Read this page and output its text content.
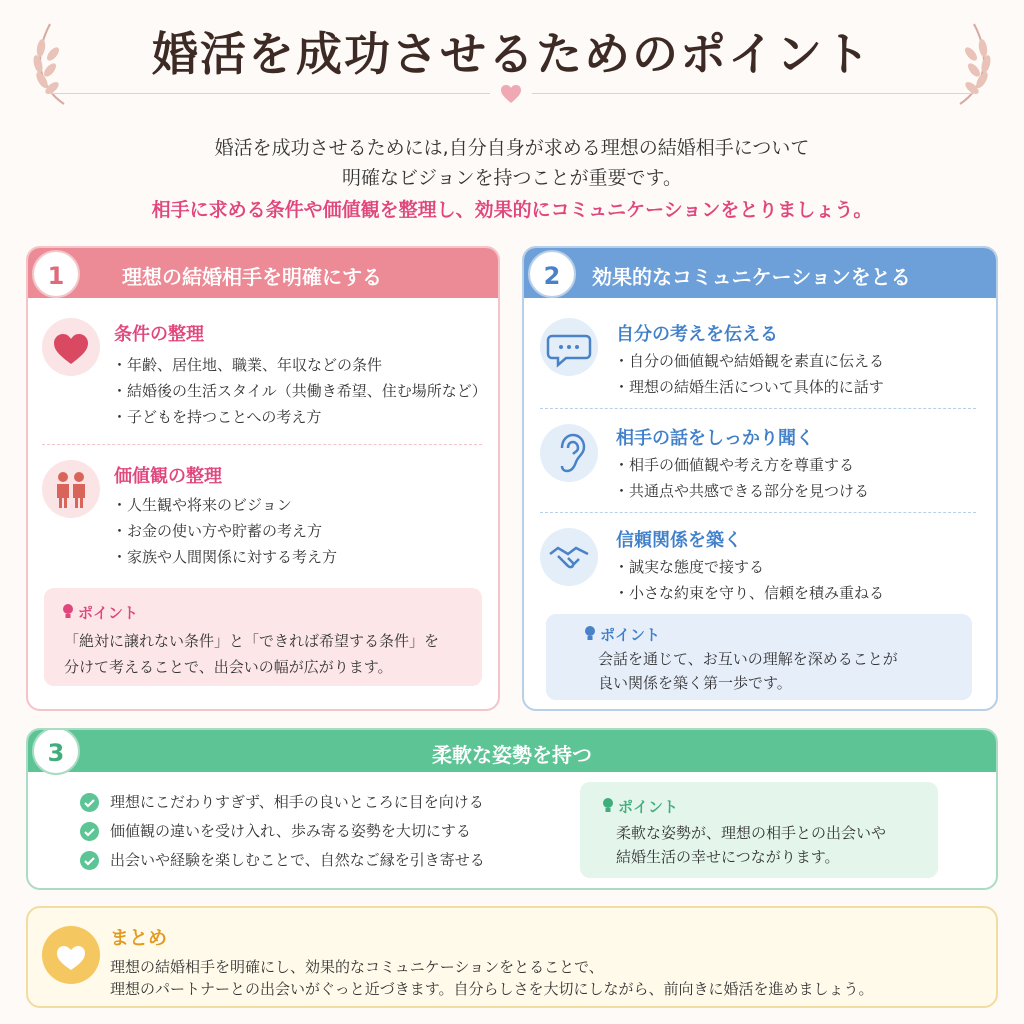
婚活を成功させるためのポイント
婚活を成功させるためには,自分自身が求める理想の結婚相手について
明確なビジョンを持つことが重要です。
相手に求める条件や価値観を整理し、効果的にコミュニケーションをとりましょう。
1	理想の結婚相手を明確にする
条件の整理
・ 年齢、居住地、職業、年収などの条件
・ 結婚後の生活スタイル（共働き希望、住む場所など）
・ 子どもを持つことへの考え方
価値観の整理
・ 人生観や将来のビジョン
・ お金の使い方や貯蓄の考え方
・ 家族や人間関係に対する考え方
ポイント
「絶対に譲れない条件」と「できれば希望する条件」を
分けて考えることで、出会いの幅が広がります。
2	効果的なコミュニケーションをとる
自分の考えを伝える
・ 自分の価値観や結婚観を素直に伝える
・ 理想の結婚生活について具体的に話す
相手の話をしっかり聞く
・ 相手の価値観や考え方を尊重する
・ 共通点や共感できる部分を見つける
信頼関係を築く
・ 誠実な態度で接する
・ 小さな約束を守り、信頼を積み重ねる
ポイント
会話を通じて、お互いの理解を深めることが
良い関係を築く第一歩です。
3	柔軟な姿勢を持つ
理想にこだわりすぎず、相手の良いところに目を向ける
価値観の違いを受け入れ、歩み寄る姿勢を大切にする
出会いや経験を楽しむことで、自然なご縁を引き寄せる
ポイント
柔軟な姿勢が、理想の相手との出会いや
結婚生活の幸せにつながります。
まとめ
理想の結婚相手を明確にし、効果的なコミュニケーションをとることで、
理想のパートナーとの出会いがぐっと近づきます。自分らしさを大切にしながら、前向きに婚活を進めましょう。
